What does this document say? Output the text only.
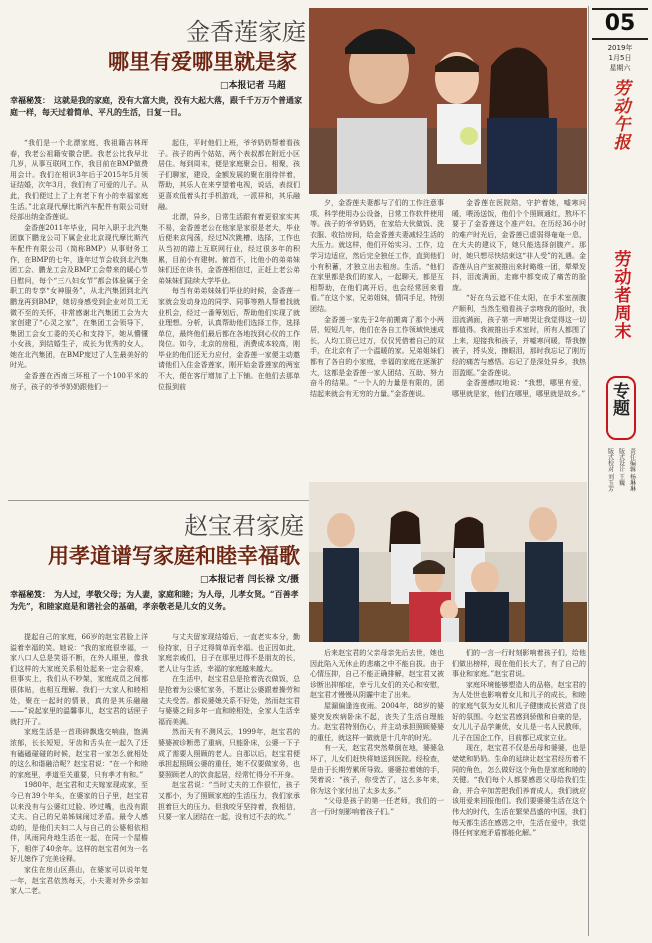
05
2019年
1月5日
星期六
劳动午报
劳动者周末
专题
责任编辑 杨琳琳
版式设计 王巍
版式校对 刘玉芳
金香莲家庭
哪里有爱哪里就是家
□本报记者 马超
幸福秘笈： 这就是我的家庭，没有大富大贵，没有大起大落，跟千千万万个普通家庭一样，每天过着简单、平凡的生活，日复一日。

“我们是一个北漂家庭，我祖籍吉林珲春，我老公祖籍安徽合肥。我老公比我早北几岁，从事互联网工作，我目前在BMP做费用会计。我们在相识3年后于2015年5月领证结婚，次年3月，我们有了可爱的儿子。从此，我们便过上了上有老下有小的幸福家庭生活。”北京现代摩比斯汽车配件有限公司财经部出纳金香莲说。

金香莲2011年毕业，同年入职于北汽集团旗下鹏龙公司下属企业北京现代摩比斯汽车配件有限公司（简称BMP）从事财务工作，在BMP的七年，逢年过节会收到北汽集团工会、鹏龙工会及BMP工会带来的暖心节日慰问，每个“三八妇女节”都会体验属于全职工的专享“女神服务”，从北汽集团到北汽鹏龙再到BMP，她切身感受到企业对员工无微不至的关怀，非常感谢北汽集团工会为大家创建了“心灵之家”，在集团工会领导下，集团工会女工委的关心和支持下，她从懵懂小女孩，到结婚生子，成长为优秀的女人，她在北汽集团，在BMP度过了人生最美好的时光。

金香莲在西南三环租了一个100平米的房子，孩子的爷爷奶奶跟他们一

起住，平时他们上班，爷爷奶奶帮着看孩子。孩子的两个姑姑，两个表叔都在附近小区居住。每到周末，便是家庭聚会日。相聚，孩子们聊家，建设，金额发展的聚在朋待伴着，帮助，其乐人在来亨望着电视，说话，表叔们更喜欢低着头打手机游戏，一派祥和，其乐融融。

北漂，异乡，日常生活跟有着更很家实其不易，金香莲老公在他家是家很是老大，毕业后便来京闯荡，经过N次跳槽、选择，工作也从当初的踏上互联网行业，经过很多年的积累，目前小有建树。俯首不，比他小的弟弟妹妹们还在读书，金香莲相信过，正赶上老公弟弟妹妹们陆续大学毕业。

每当有弟弟妹妹们毕业的时候，金香莲一家就会发动身边的同学、同事等熟人帮着找就业机会，经过一番筹划后，帮助他们实现了就业理想。分析，认真帮助他们选择工作，选择单位，最终他们最后都在各地找到心仪的工作岗位。如今，北京的房租，消费成本较高，刚毕业的他们还无力应付，金香莲一家便主动邀请他们入住金香莲家，刚开始金香莲家的两室不大，便在客厅增加了上下铺。在他们去那单位报到前

夕，金香莲夫妻都与了们的工作注意事项、科学使用办公设备，日常工作软件使用等。孩子的爷爷奶奶，在家给大伙做饭、洗衣服、收拾房间，给金香莲夫妻减轻生活的大压力。就这样，他们开始实习、工作，边学习边适应，然后完全独任工作，直到他们小有积蓄，才独立出去租房。生活。“他们在家里都是我们的家人，一起聊天，都是互相帮助，在他们离开后，也会经常回来看看。”在这个家，兄弟姐妹，情同手足，特别团结。

金香莲一家先于2年前搬离了那个小两居，短短几年，他们在各自工作领域快速成长，人均工资已过万，仅仅凭借着自己的双手，在北京有了一个温暖的家。兄弟姐妹们都有了各自的小家庭，幸福的家庭在逐渐扩大，这都是金香莲一家人团结、互助、努力奋斗的结果。“一个人的力量是有限的，团结起来就会有无穷的力量。”金香莲说。

金香莲在医院陪，守护着她，嘘寒问暖，喂汤送饭，他们个个照顾通红，熬坏不要于了金香莲这个准产妇。在历经36小时的难产时光后，金香莲已虚弱得奄奄一息，在大夫的建议下，她只能选择剖腹产。那时，她只想尽快结束这“非人受”的礼遇。金香莲从自产室被推出来时略维一团，晕晕发抖，泪流满面，走廊中都变成了痛苦的脸庞。

“好在乌云遮不住太阳，在手术室剖腹产顺利，当然生殖看孩子亲吻我的脸时，我泪流满面，孩子第一声啼哭让我觉得这一切都值得。我被推出手术室时，所有人都围了上来，迎接我和孩子，并嘘寒问暖，帮我擦被子，捋头发，擦眼泪，那时我忘记了刚历经的痛苦与感悟。忘记了是深处异乡，我热泪盈眶。”金香莲说。

金香莲感叹地说：“我想，哪里有爱，哪里就是家，他们在哪里，哪里就是故乡。”

赵宝君家庭
用孝道谱写家庭和睦幸福歌
□本报记者 闫长禄 文/摄
幸福秘笈： 为人过，孝敬父母；为人妻，家庭和睦；为人母，儿孝女贤。“百善孝为先”，和睦家庭是和谐社会的基础，孝亲敬老是儿女的义务。

提起自己的家庭，66岁的赵宝君脸上洋溢着幸福的笑。她说：“我的家庭很幸福，一家八口人总是笑语不断，在外人眼里，像我们这样的大家庭关系相处起来一定会很难，但事实上，我们从不吵架，家庭成员之间都很体贴，也相互理解。我们一大家人和睦相处，聚在一起时的情景，真的是其乐融融——”说起家里的温馨事儿，赵宝君的话匣子就打开了。

家庭生活是一首琐碎飘逸交响曲，饱满浓郁，长长短短，牙齿和舌头在一起久了还有磕磕碰碰的时候，赵宝君一家怎么就相处的这么和谐融洽呢？赵宝君说：“在一个和睦的家庭里，孝道至关重要，只有孝才有和。”

1980年，赵宝君和丈夫嫁家现成家，至今已有39个年头，在婆家的日子里，赵宝君以来没有与公婆红过脸、吵过嘴，也没有跟丈夫、自己的兄弟姊妹闹过矛盾。最令人感动的，是他们夫妇二人与自己的公婆相依相伴，风雨同舟地生活在一起，在同一个屋檐下，相伴了40余年。这样的赵宝君何为一名好儿媳作了完美诠释。

家住在房山区燕山，在婆家可以说年复一年，赵宝君依然每天，小夫妻对外乡亲如家人二老。

与丈夫留家现结婚后，一直老实本分，勤俭持家，日子过得简单而幸福。也正因如此，家庭亲戚们，日子在那里过得不是朋友的长，老人让与生活，幸福的家庭越来越大。

在生活中，赵宝君总是抢着洗衣做饭，总是抢着为公婆忙家务，不愿让公婆跟着操劳和丈夫受苦。都说婆媳关系不好处，然而赵宝君与婆婆之间多年一直和睦相处，全家人生活幸福而美满。

然而天有不测风云，1999年，赵宝君的婆婆被诊断患了重病，只能卧床，公婆一下子成了需要人照顾的老人。自那以后，赵宝君便承担起照顾公婆的重任，她不仅要做家务，也要照顾老人的饮食起居，经常忙得分不开身。

赵宝君说：“当时丈夫的工作很忙，孩子又都小，为了照顾家庭的生活压力，我们家承担着巨大的压力。但我咬牙坚持着，我相信，只要一家人团结在一起，没有过不去的坎。”

后来赵宝君的父亲母亲先后去世，她也因此陷入无休止的悲痛之中不能自拔。由于心情压抑，自己不能正确排解，赵宝君又被诊断出抑郁症，幸亏儿女们的关心和安慰，赵宝君才慢慢从阴霾中走了出来。

屋漏偏逢连夜雨。2004年，88岁的婆婆突发疾病卧床不起，丧失了生活自理能力。赵宝君特别伤心，并主动承担照顾婆婆的重任，就这样一做就是十几年的时光。

有一天，赵宝君突然晕倒在地，婆婆急坏了，儿女们赶快将她送到医院。经检查，是由于长期劳累所导致。婆婆拉着她的手，哭着说：“孩子，你受苦了，这么多年来，你为这个家付出了太多太多。”

“父母是孩子的第一任老师，我们的一言一行时刻影响着孩子们。”

们的一言一行时刻影响着孩子们，给他们做出榜样，现在他们长大了，有了自己的事业和家庭。”赵宝君说。

家庭环境能够塑造人的品格，赵宝君的为人处世也影响着女儿和儿子的成长，和睦的家庭气氛为女儿和儿子健康成长营造了良好的氛围。今赵宝君感到骄傲和自豪的是，女儿儿子品学兼优，女儿是一名人民教师，儿子在国企工作，目前都已成家立业。

现在，赵宝君不仅是岳母和婆婆，也是姥姥和奶奶。生命的延续让赵宝君经历着不同的角色，怎么做好这个角色是家庭和睦的关键。“我们每个人都要感恩父母给我们生命，并合辛加苦把我们养育成人，我们就应该用爱来回报他们。我们要婆婆生活在这个伟大的时代，生活在繁荣昌盛的中国，我们每天都生活在感恩之中，生活在爱中，我觉得任何家庭矛盾都能化解。”
